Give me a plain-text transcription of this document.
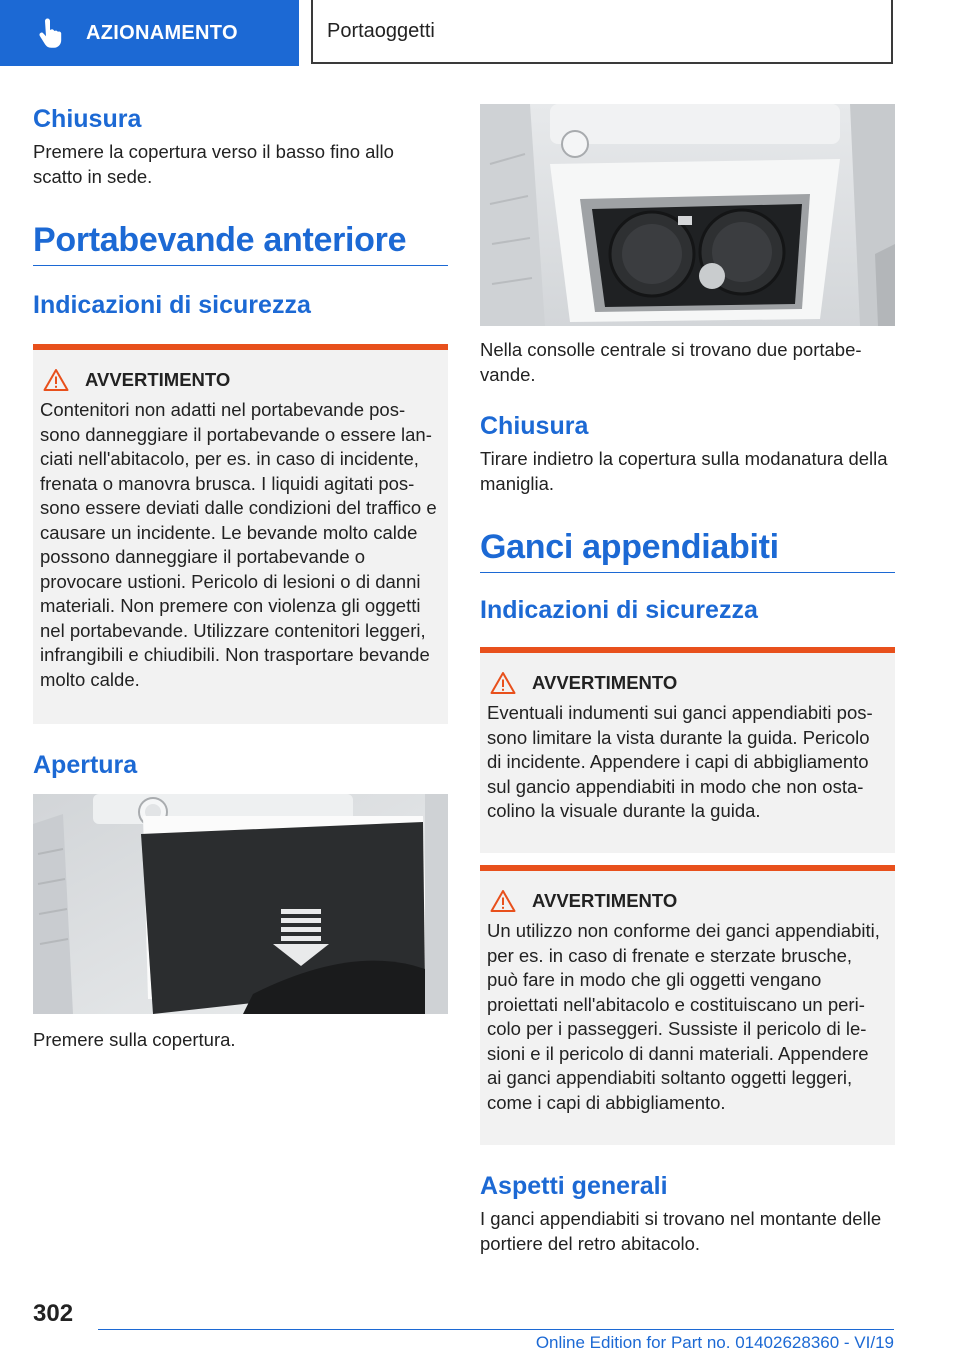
AZIONAMENTO	Portaoggetti
Chiusura

Premere la copertura verso il basso fino allo scatto in sede.

Portabevande anteriore
Indicazioni di sicurezza
AVVERTIMENTO

Contenitori non adatti nel portabevande possono danneggiare il portabevande o essere lanciati nell'abitacolo, per es. in caso di incidente, frenata o manovra brusca. I liquidi agitati possono essere deviati dalle condizioni del traffico e causare un incidente. Le bevande molto calde possono danneggiare il portabevande o provocare ustioni. Pericolo di lesioni o di danni materiali. Non premere con violenza gli oggetti nel portabevande. Utilizzare contenitori leggeri, infrangibili e chiudibili. Non trasportare bevande molto calde.

Apertura

Premere sulla copertura.

Nella consolle centrale si trovano due portabevande.

Chiusura

Tirare indietro la copertura sulla modanatura della maniglia.

Ganci appendiabiti
Indicazioni di sicurezza
AVVERTIMENTO

Eventuali indumenti sui ganci appendiabiti possono limitare la vista durante la guida. Pericolo di incidente. Appendere i capi di abbigliamento sul gancio appendiabiti in modo che non ostacolino la visuale durante la guida.

AVVERTIMENTO

Un utilizzo non conforme dei ganci appendiabiti, per es. in caso di frenate e sterzate brusche, può fare in modo che gli oggetti vengano proiettati nell'abitacolo e costituiscano un pericolo per i passeggeri. Sussiste il pericolo di lesioni e il pericolo di danni materiali. Appendere ai ganci appendiabiti soltanto oggetti leggeri, come i capi di abbigliamento.

Aspetti generali

I ganci appendiabiti si trovano nel montante delle portiere del retro abitacolo.

302
Online Edition for Part no. 01402628360 - VI/19
